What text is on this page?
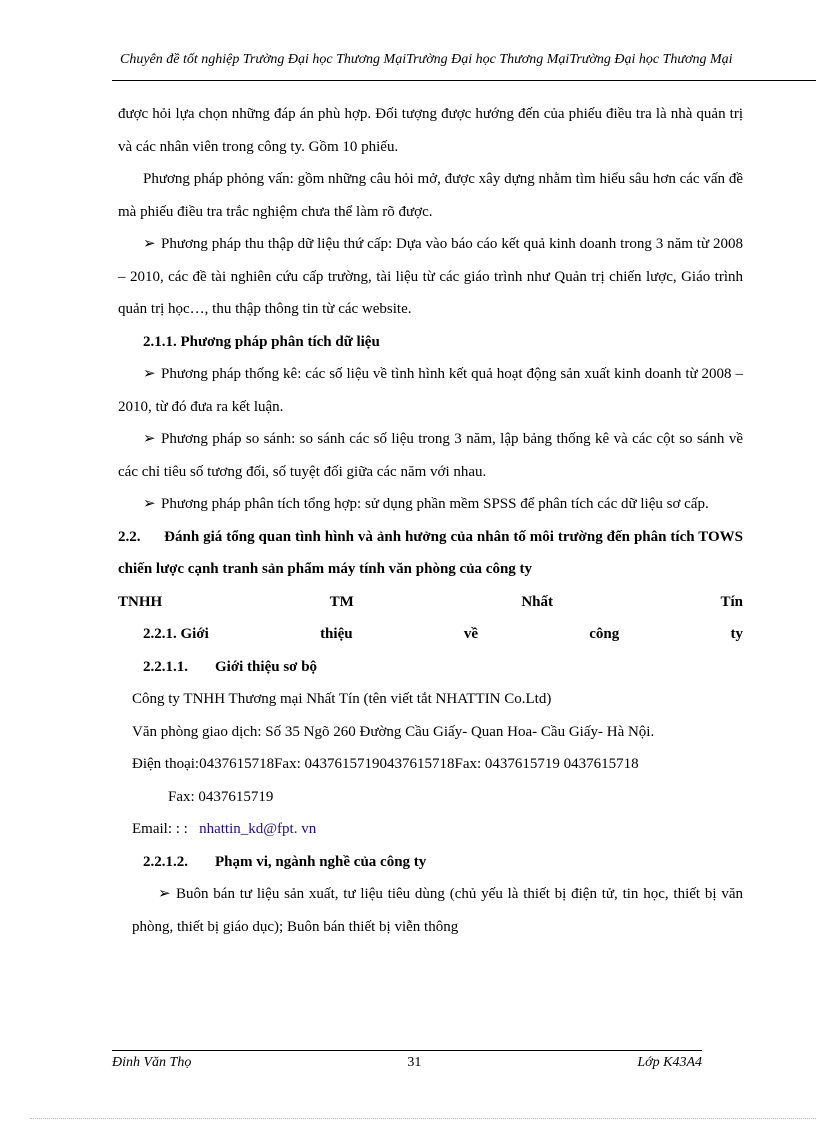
Chuyên đề tốt nghiệp Trường Đại học Thương MạiTrường Đại học Thương MạiTrường Đại học Thương Mại

được hỏi lựa chọn những đáp án phù hợp. Đối tượng được hướng đến của phiếu điều tra là nhà quản trị và các nhân viên trong công ty. Gồm 10 phiếu.

Phương pháp phỏng vấn: gồm những câu hỏi mở, được xây dựng nhằm tìm hiểu sâu hơn các vấn đề mà phiếu điều tra trắc nghiệm chưa thể làm rõ được.

➢ Phương pháp thu thập dữ liệu thứ cấp: Dựa vào báo cáo kết quả kinh doanh trong 3 năm từ 2008 – 2010, các đề tài nghiên cứu cấp trường, tài liệu từ các giáo trình như Quản trị chiến lược, Giáo trình quản trị học…, thu thập thông tin từ các website.

2.1.1. Phương pháp phân tích dữ liệu

➢ Phương pháp thống kê: các số liệu về tình hình kết quả hoạt động sản xuất kinh doanh từ 2008 – 2010, từ đó đưa ra kết luận.

➢ Phương pháp so sánh: so sánh các số liệu trong 3 năm, lập bảng thống kê và các cột so sánh về các chỉ tiêu số tương đối, số tuyệt đối giữa các năm với nhau.

➢ Phương pháp phân tích tổng hợp: sử dụng phần mềm SPSS để phân tích các dữ liệu sơ cấp.

2.2. Đánh giá tổng quan tình hình và ảnh hưởng của nhân tố môi trường đến phân tích TOWS chiến lược cạnh tranh sản phẩm máy tính văn phòng của công ty

TNHH	TM	Nhất	Tín
2.2.1. Giới	thiệu	về	công	ty

2.2.1.1. Giới thiệu sơ bộ

Công ty TNHH Thương mại Nhất Tín (tên viết tắt NHATTIN Co.Ltd)

Văn phòng giao dịch: Số 35 Ngõ 260 Đường Cầu Giấy- Quan Hoa- Cầu Giấy- Hà Nội.

Điện thoại:0437615718Fax: 04376157190437615718Fax: 0437615719 0437615718

Fax: 0437615719

Email: : : nhattin_kd@fpt. vn

2.2.1.2. Phạm vi, ngành nghề của công ty

➢ Buôn bán tư liệu sản xuất, tư liệu tiêu dùng (chủ yếu là thiết bị điện tử, tin học, thiết bị văn phòng, thiết bị giáo dục); Buôn bán thiết bị viễn thông

Đinh Văn Thọ	31	Lớp K43A4
